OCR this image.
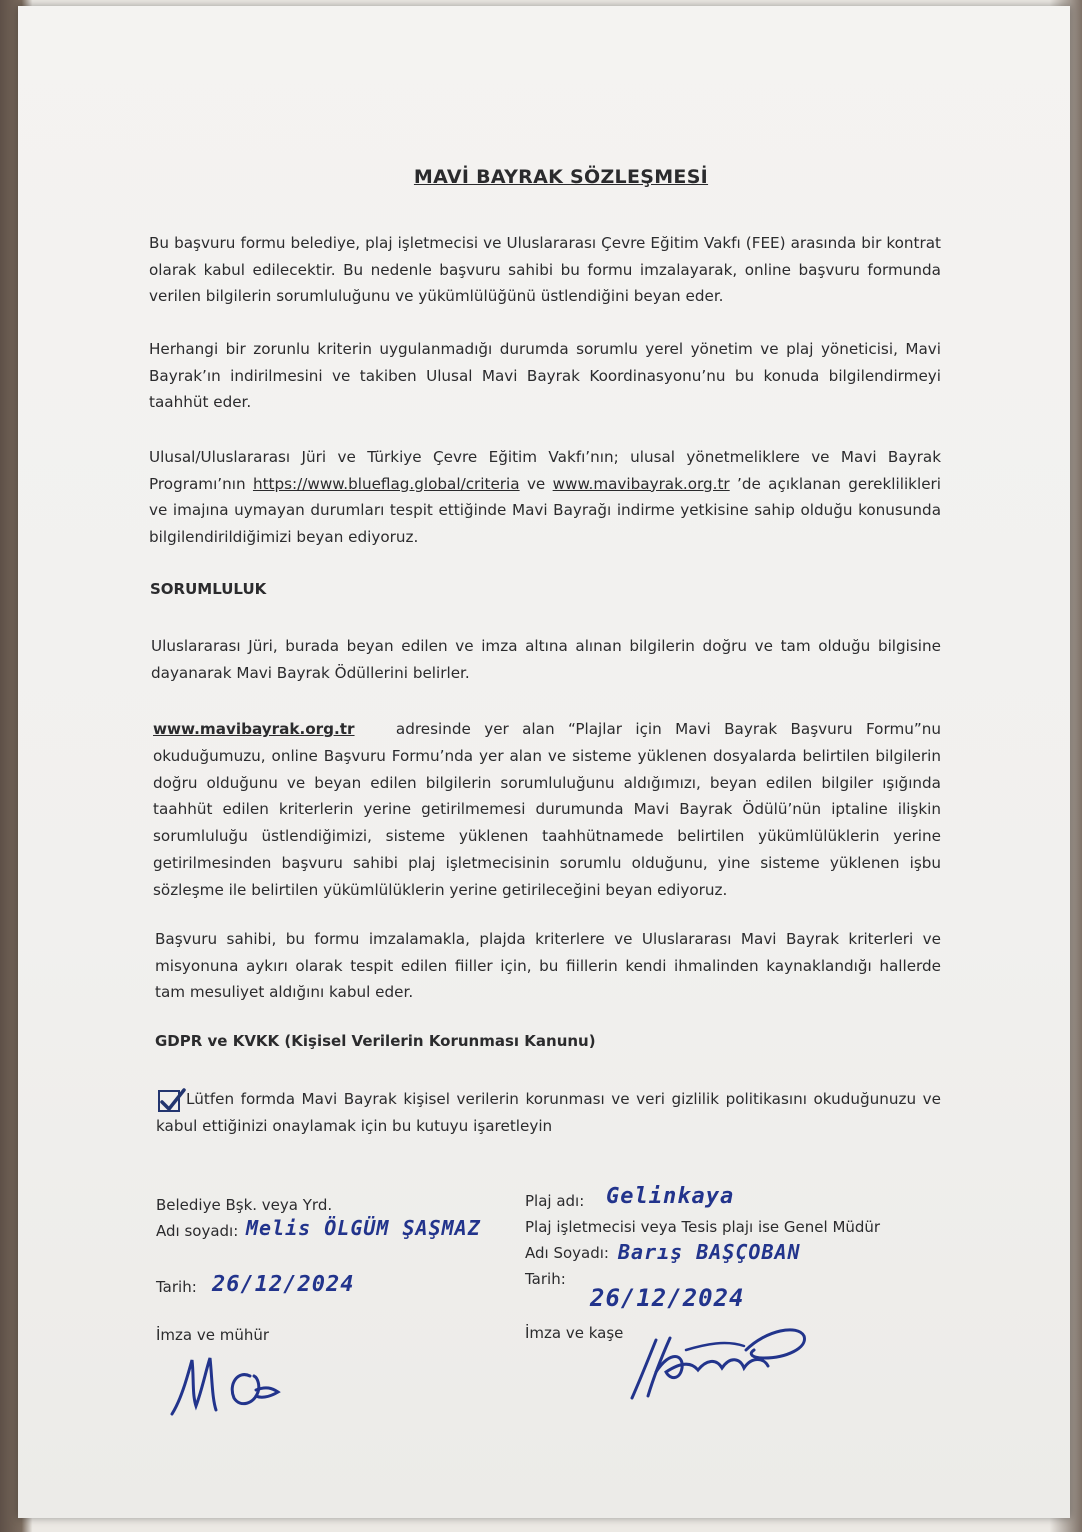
MAVİ BAYRAK SÖZLEŞMESİ
Bu başvuru formu belediye, plaj işletmecisi ve Uluslararası Çevre Eğitim Vakfı (FEE) arasında bir kontrat olarak kabul edilecektir. Bu nedenle başvuru sahibi bu formu imzalayarak, online başvuru formunda verilen bilgilerin sorumluluğunu ve yükümlülüğünü üstlendiğini beyan eder.
Herhangi bir zorunlu kriterin uygulanmadığı durumda sorumlu yerel yönetim ve plaj yöneticisi, Mavi Bayrak’ın indirilmesini ve takiben Ulusal Mavi Bayrak Koordinasyonu’nu bu konuda bilgilendirmeyi taahhüt eder.
Ulusal/Uluslararası Jüri ve Türkiye Çevre Eğitim Vakfı’nın; ulusal yönetmeliklere ve Mavi Bayrak Programı’nın https://www.blueflag.global/criteria ve www.mavibayrak.org.tr ’de açıklanan gereklilikleri ve imajına uymayan durumları tespit ettiğinde Mavi Bayrağı indirme yetkisine sahip olduğu konusunda bilgilendirildiğimizi beyan ediyoruz.
SORUMLULUK
Uluslararası Jüri, burada beyan edilen ve imza altına alınan bilgilerin doğru ve tam olduğu bilgisine dayanarak Mavi Bayrak Ödüllerini belirler.
www.mavibayrak.org.tr	adresinde yer alan “Plajlar için Mavi Bayrak Başvuru Formu”nu okuduğumuzu, online Başvuru Formu’nda yer alan ve sisteme yüklenen dosyalarda belirtilen bilgilerin doğru olduğunu ve beyan edilen bilgilerin sorumluluğunu aldığımızı, beyan edilen bilgiler ışığında taahhüt edilen kriterlerin yerine getirilmemesi durumunda Mavi Bayrak Ödülü’nün iptaline ilişkin sorumluluğu üstlendiğimizi, sisteme yüklenen taahhütnamede belirtilen yükümlülüklerin yerine getirilmesinden başvuru sahibi plaj işletmecisinin sorumlu olduğunu, yine sisteme yüklenen işbu sözleşme ile belirtilen yükümlülüklerin yerine getirileceğini beyan ediyoruz.
Başvuru sahibi, bu formu imzalamakla, plajda kriterlere ve Uluslararası Mavi Bayrak kriterleri ve misyonuna aykırı olarak tespit edilen fiiller için, bu fiillerin kendi ihmalinden kaynaklandığı hallerde tam mesuliyet aldığını kabul eder.
GDPR ve KVKK (Kişisel Verilerin Korunması Kanunu)
Lütfen formda Mavi Bayrak kişisel verilerin korunması ve veri gizlilik politikasını okuduğunuzu ve kabul ettiğinizi onaylamak için bu kutuyu işaretleyin
Belediye Bşk. veya Yrd.
Adı soyadı: Melis ÖLGÜM ŞAŞMAZ
Tarih: 26/12/2024
İmza ve mühür
Plaj adı: Gelinkaya
Plaj işletmecisi veya Tesis plajı ise Genel Müdür
Adı Soyadı: Barış BAŞÇOBAN
Tarih:
26/12/2024
İmza ve kaşe
